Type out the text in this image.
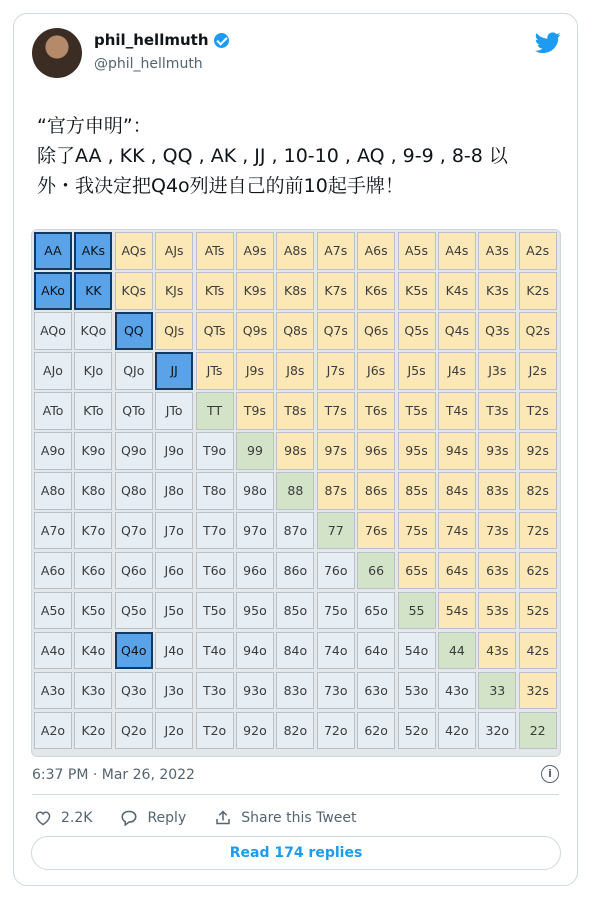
phil_hellmuth
@phil_hellmuth
“官方申明”：
除了AA , KK , QQ , AK , JJ , 10-10 , AQ , 9-9 , 8-8 以
外・我决定把Q4o列进自己的前10起手牌！
AA	AKs	AQs	AJs	ATs	A9s	A8s	A7s	A6s	A5s	A4s	A3s	A2s
AKo	KK	KQs	KJs	KTs	K9s	K8s	K7s	K6s	K5s	K4s	K3s	K2s
AQo	KQo	QQ	QJs	QTs	Q9s	Q8s	Q7s	Q6s	Q5s	Q4s	Q3s	Q2s
AJo	KJo	QJo	JJ	JTs	J9s	J8s	J7s	J6s	J5s	J4s	J3s	J2s
ATo	KTo	QTo	JTo	TT	T9s	T8s	T7s	T6s	T5s	T4s	T3s	T2s
A9o	K9o	Q9o	J9o	T9o	99	98s	97s	96s	95s	94s	93s	92s
A8o	K8o	Q8o	J8o	T8o	98o	88	87s	86s	85s	84s	83s	82s
A7o	K7o	Q7o	J7o	T7o	97o	87o	77	76s	75s	74s	73s	72s
A6o	K6o	Q6o	J6o	T6o	96o	86o	76o	66	65s	64s	63s	62s
A5o	K5o	Q5o	J5o	T5o	95o	85o	75o	65o	55	54s	53s	52s
A4o	K4o	Q4o	J4o	T4o	94o	84o	74o	64o	54o	44	43s	42s
A3o	K3o	Q3o	J3o	T3o	93o	83o	73o	63o	53o	43o	33	32s
A2o	K2o	Q2o	J2o	T2o	92o	82o	72o	62o	52o	42o	32o	22
6:37 PM · Mar 26, 2022	i
2.2K	Reply	Share this Tweet
Read 174 replies
